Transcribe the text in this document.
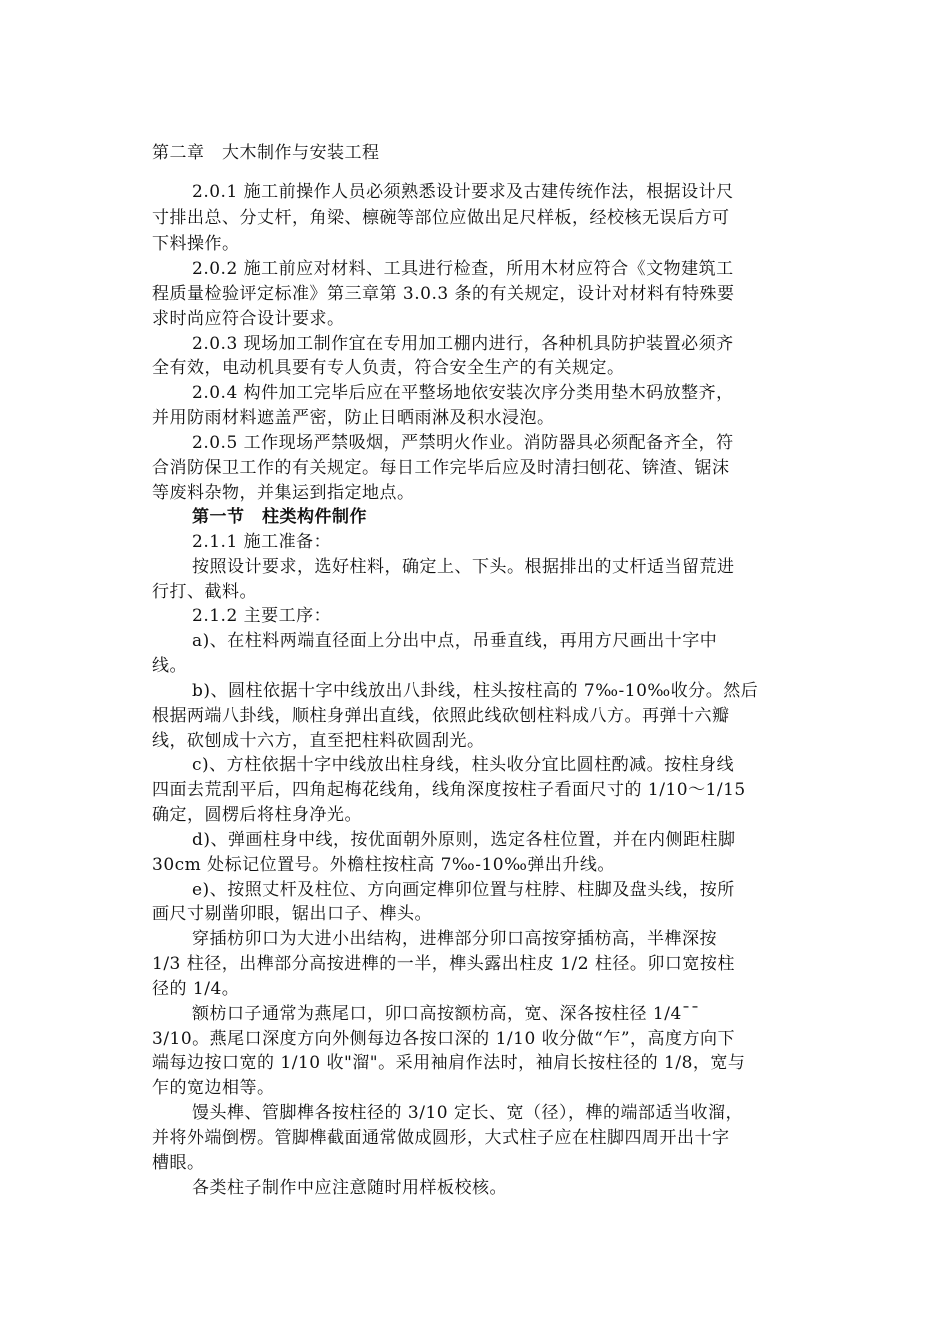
第二章　大木制作与安装工程
2.0.1 施工前操作人员必须熟悉设计要求及古建传统作法，根据设计尺
寸排出总、分丈杆，角梁、檩碗等部位应做出足尺样板，经校核无误后方可
下料操作。
2.0.2 施工前应对材料、工具进行检查，所用木材应符合《文物建筑工
程质量检验评定标准》第三章第 3.0.3 条的有关规定，设计对材料有特殊要
求时尚应符合设计要求。
2.0.3 现场加工制作宜在专用加工棚内进行，各种机具防护装置必须齐
全有效，电动机具要有专人负责，符合安全生产的有关规定。
2.0.4 构件加工完毕后应在平整场地依安装次序分类用垫木码放整齐，
并用防雨材料遮盖严密，防止日晒雨淋及积水浸泡。
2.0.5 工作现场严禁吸烟，严禁明火作业。消防器具必须配备齐全，符
合消防保卫工作的有关规定。每日工作完毕后应及时清扫刨花、锛渣、锯沫
等废料杂物，并集运到指定地点。
第一节　柱类构件制作
2.1.1 施工准备：
按照设计要求，选好柱料，确定上、下头。根据排出的丈杆适当留荒进
行打、截料。
2.1.2 主要工序：
a)、在柱料两端直径面上分出中点，吊垂直线，再用方尺画出十字中
线。
b)、圆柱依据十字中线放出八卦线，柱头按柱高的 7‰-10‰收分。然后
根据两端八卦线，顺柱身弹出直线，依照此线砍刨柱料成八方。再弹十六瓣
线，砍刨成十六方，直至把柱料砍圆刮光。
c)、方柱依据十字中线放出柱身线，柱头收分宜比圆柱酌减。按柱身线
四面去荒刮平后，四角起梅花线角，线角深度按柱子看面尺寸的 1/10～1/15
确定，圆楞后将柱身净光。
d)、弹画柱身中线，按优面朝外原则，选定各柱位置，并在内侧距柱脚
30cm 处标记位置号。外檐柱按柱高 7‰-10‰弹出升线。
e)、按照丈杆及柱位、方向画定榫卯位置与柱脖、柱脚及盘头线，按所
画尺寸剔凿卯眼，锯出口子、榫头。
穿插枋卯口为大进小出结构，进榫部分卯口高按穿插枋高，半榫深按
1/3 柱径，出榫部分高按进榫的一半，榫头露出柱皮 1/2 柱径。卯口宽按柱
径的 1/4。
额枋口子通常为燕尾口，卯口高按额枋高，宽、深各按柱径 1/4¯¯
3/10。燕尾口深度方向外侧每边各按口深的 1/10 收分做“乍”，高度方向下
端每边按口宽的 1/10 收"溜"。采用袖肩作法时，袖肩长按柱径的 1/8，宽与
乍的宽边相等。
馒头榫、管脚榫各按柱径的 3/10 定长、宽（径），榫的端部适当收溜，
并将外端倒楞。管脚榫截面通常做成圆形，大式柱子应在柱脚四周开出十字
槽眼。
各类柱子制作中应注意随时用样板校核。
